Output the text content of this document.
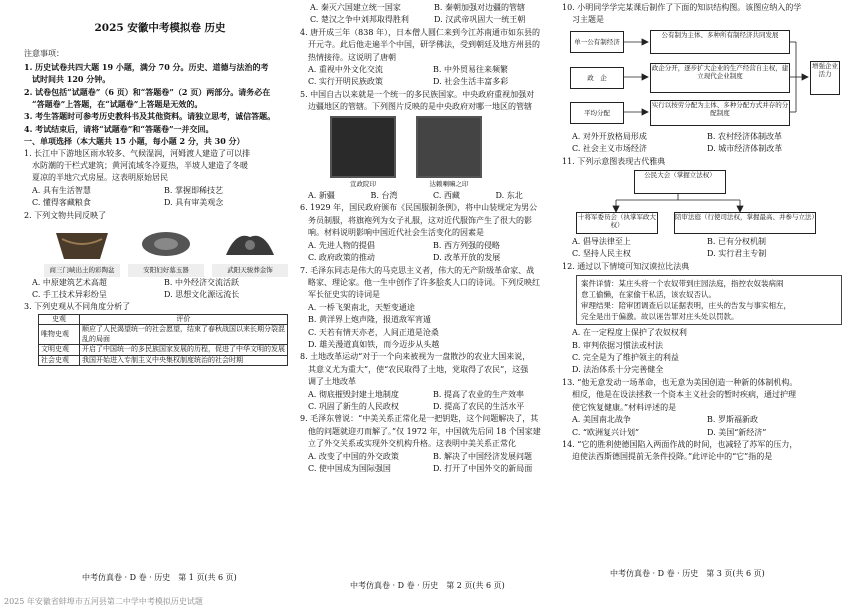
2025 安徽中考模拟卷 历史

注意事项：

1. 历史试卷共四大题 19 小题，满分 70 分。历史、道德与法治的考

试时间共 120 分钟。

2. 试卷包括“试题卷”（6 页）和“答题卷”（2 页）两部分。请务必在

“答题卷”上答题，在“试题卷”上答题是无效的。

3. 考生答题时可参考历史教科书及其他资料。请独立思考，诚信答题。

4. 考试结束后，请将“试题卷”和“答题卷”一并交回。

一、单项选择（本大题共 15 小题，每小题 2 分，共 30 分）

1. 长江中下游地区雨水较多、气候湿润，河姆渡人建造了可以排

水防潮的干栏式建筑；黄河流域冬冷夏热，半坡人建造了冬暖

夏凉的半地穴式房屋。这表明原始居民

A. 具有生活智慧	B. 掌握即稀技艺
C. 懂得客藏粮食	D. 具有审美观念

2. 下列文物共同反映了

商三门峡出土的彩陶盆	安阳妇好墓玉器	武阳天骏葬金饰
A. 中原建筑艺术高超	B. 中外经济交流活跃
C. 手工技术异彩纷呈	D. 思想文化源远流长

3. 下列史观从不同角度分析了

史观	评价
唯物史观	顺应了人民渴望统一的社会愿望，结束了春秋战国以来长期分裂混乱的局面
文明史观	开启了中国统一的多民族国家发展的历程，促进了中华文明的发展
社会史观	我国开始进入专制主义中央集权制度统治的社会时期
中考仿真卷 · D 卷 · 历史　第 1 页(共 6 页)
A. 秦灭六国建立统一国家	B. 秦朝加强对边疆的管辖
C. 楚汉之争中刘邦取得胜利	D. 汉武帝巩固大一统王朝

4. 唐开成三年（838 年），日本僧人圆仁来到今江苏南通市如东县的

开元寺。此后他走遍半个中国，研学佛法，受到朝廷及地方州县的

热情接待。这说明了唐朝

A. 重视中外文化交流	B. 中外贸易往来频繁
C. 实行开明民族政策	D. 社会生活丰富多彩

5. 中国自古以来就是一个统一的多民族国家。中央政府重视加强对

边疆地区的管辖。下列图片反映的是中央政府对哪一地区的管辖

宣政院印	达赖喇嘛之印
A. 新疆	B. 台湾	C. 西藏	D. 东北

6. 1929 年，国民政府颁布《民国服制条例》，将中山装规定为男公

务员制服，将旗袍列为女子礼服，这对近代服饰产生了很大的影

响。材料说明影响中国近代社会生活变化的因素是

A. 先进人物的提倡	B. 西方列强的侵略
C. 政府政策的推动	D. 改革开放的发展

7. 毛泽东同志是伟大的马克思主义者，伟大的无产阶级革命家、战

略家、理论家。他一生中创作了许多脍炙人口的诗词。下列反映红

军长征史实的诗词是

A. 一桥飞架南北，天堑变通途

B. 黄洋界上炮声隆，报道敌军宵遁

C. 天若有情天亦老，人间正道是沧桑

D. 雄关漫道真如铁，而今迈步从头越

8. 土地改革运动“对于一个向来被视为一盘散沙的农业大国来说，

其意义尤为重大”，使“农民取得了土地，党取得了农民”，这强

调了土地改革

A. 彻底摧毁封建土地制度	B. 提高了农业的生产效率
C. 巩固了新生的人民政权	D. 提高了农民的生活水平

9. 毛泽东曾说：“中美关系正常化是一把钥匙，这个问题解决了，其

他的问题就迎刃而解了。”仅 1972 年，中国就先后同 18 个国家建

立了外交关系或实现外交机构升格。这表明中美关系正常化

A. 改变了中国的外交政策	B. 解决了中国经济发展问题
C. 使中国成为国际强国	D. 打开了中国外交的新局面
中考仿真卷 · D 卷 · 历史　第 2 页(共 6 页)

10. 小明同学学完某课后制作了下面的知识结构图。该图应纳入的学

习主题是

单一公有制经济
政　企
平均分配
公有制为主体、多种所有制经济共同发展
政企分开，逐步扩大企业的生产经营自主权，建立现代企业制度
实行以按劳分配为主体、多种分配方式并存的分配制度
增强企业活力
A. 对外开放格局形成	B. 农村经济体制改革
C. 社会主义市场经济	D. 城市经济体制改革

11. 下列示意图表现古代雅典

公民大会（掌握立法权）
十将军委员会（执掌军政大权）
陪审法庭（行使司法权，掌握最高、并参与立法）
A. 倡导法律至上	B. 已有分权机制
C. 坚持人民主权	D. 实行君主专制

12. 通过以下情境可知汉谟拉比法典

案件详情：某庄头将一个农奴带到庄园法庭，指控农奴装病闹

怠工偷懒，在家偷干私活，该农奴否认。

审理结果：陪审团调查后以证据表明，庄头的告发与事实相左，

完全是出于偏激。故以诬告罪对庄头处以罚款。

A. 在一定程度上保护了农奴权利

B. 审判依据习惯法或村法

C. 完全是为了维护领主的利益

D. 法治体系十分完善健全

13. “他无意发动一场革命，也无意为美国创造一种新的体制机构。

相反，他是在设法拯救一个资本主义社会的暂时疾病，通过护理

使它恢复健康。”材料评述的是

A. 美国南北战争	B. 罗斯福新政
C. “欧洲复兴计划”	D. 美国“新经济”

14. “它的胜利使德国陷入两面作战的时间，也减轻了苏军的压力，

迫使法西斯德国提前无条件投降。”此评论中的“它”指的是

中考仿真卷 · D 卷 · 历史　第 3 页(共 6 页)
2025 年安徽省蚌埠市五河县第二中学中考模拟历史试题
